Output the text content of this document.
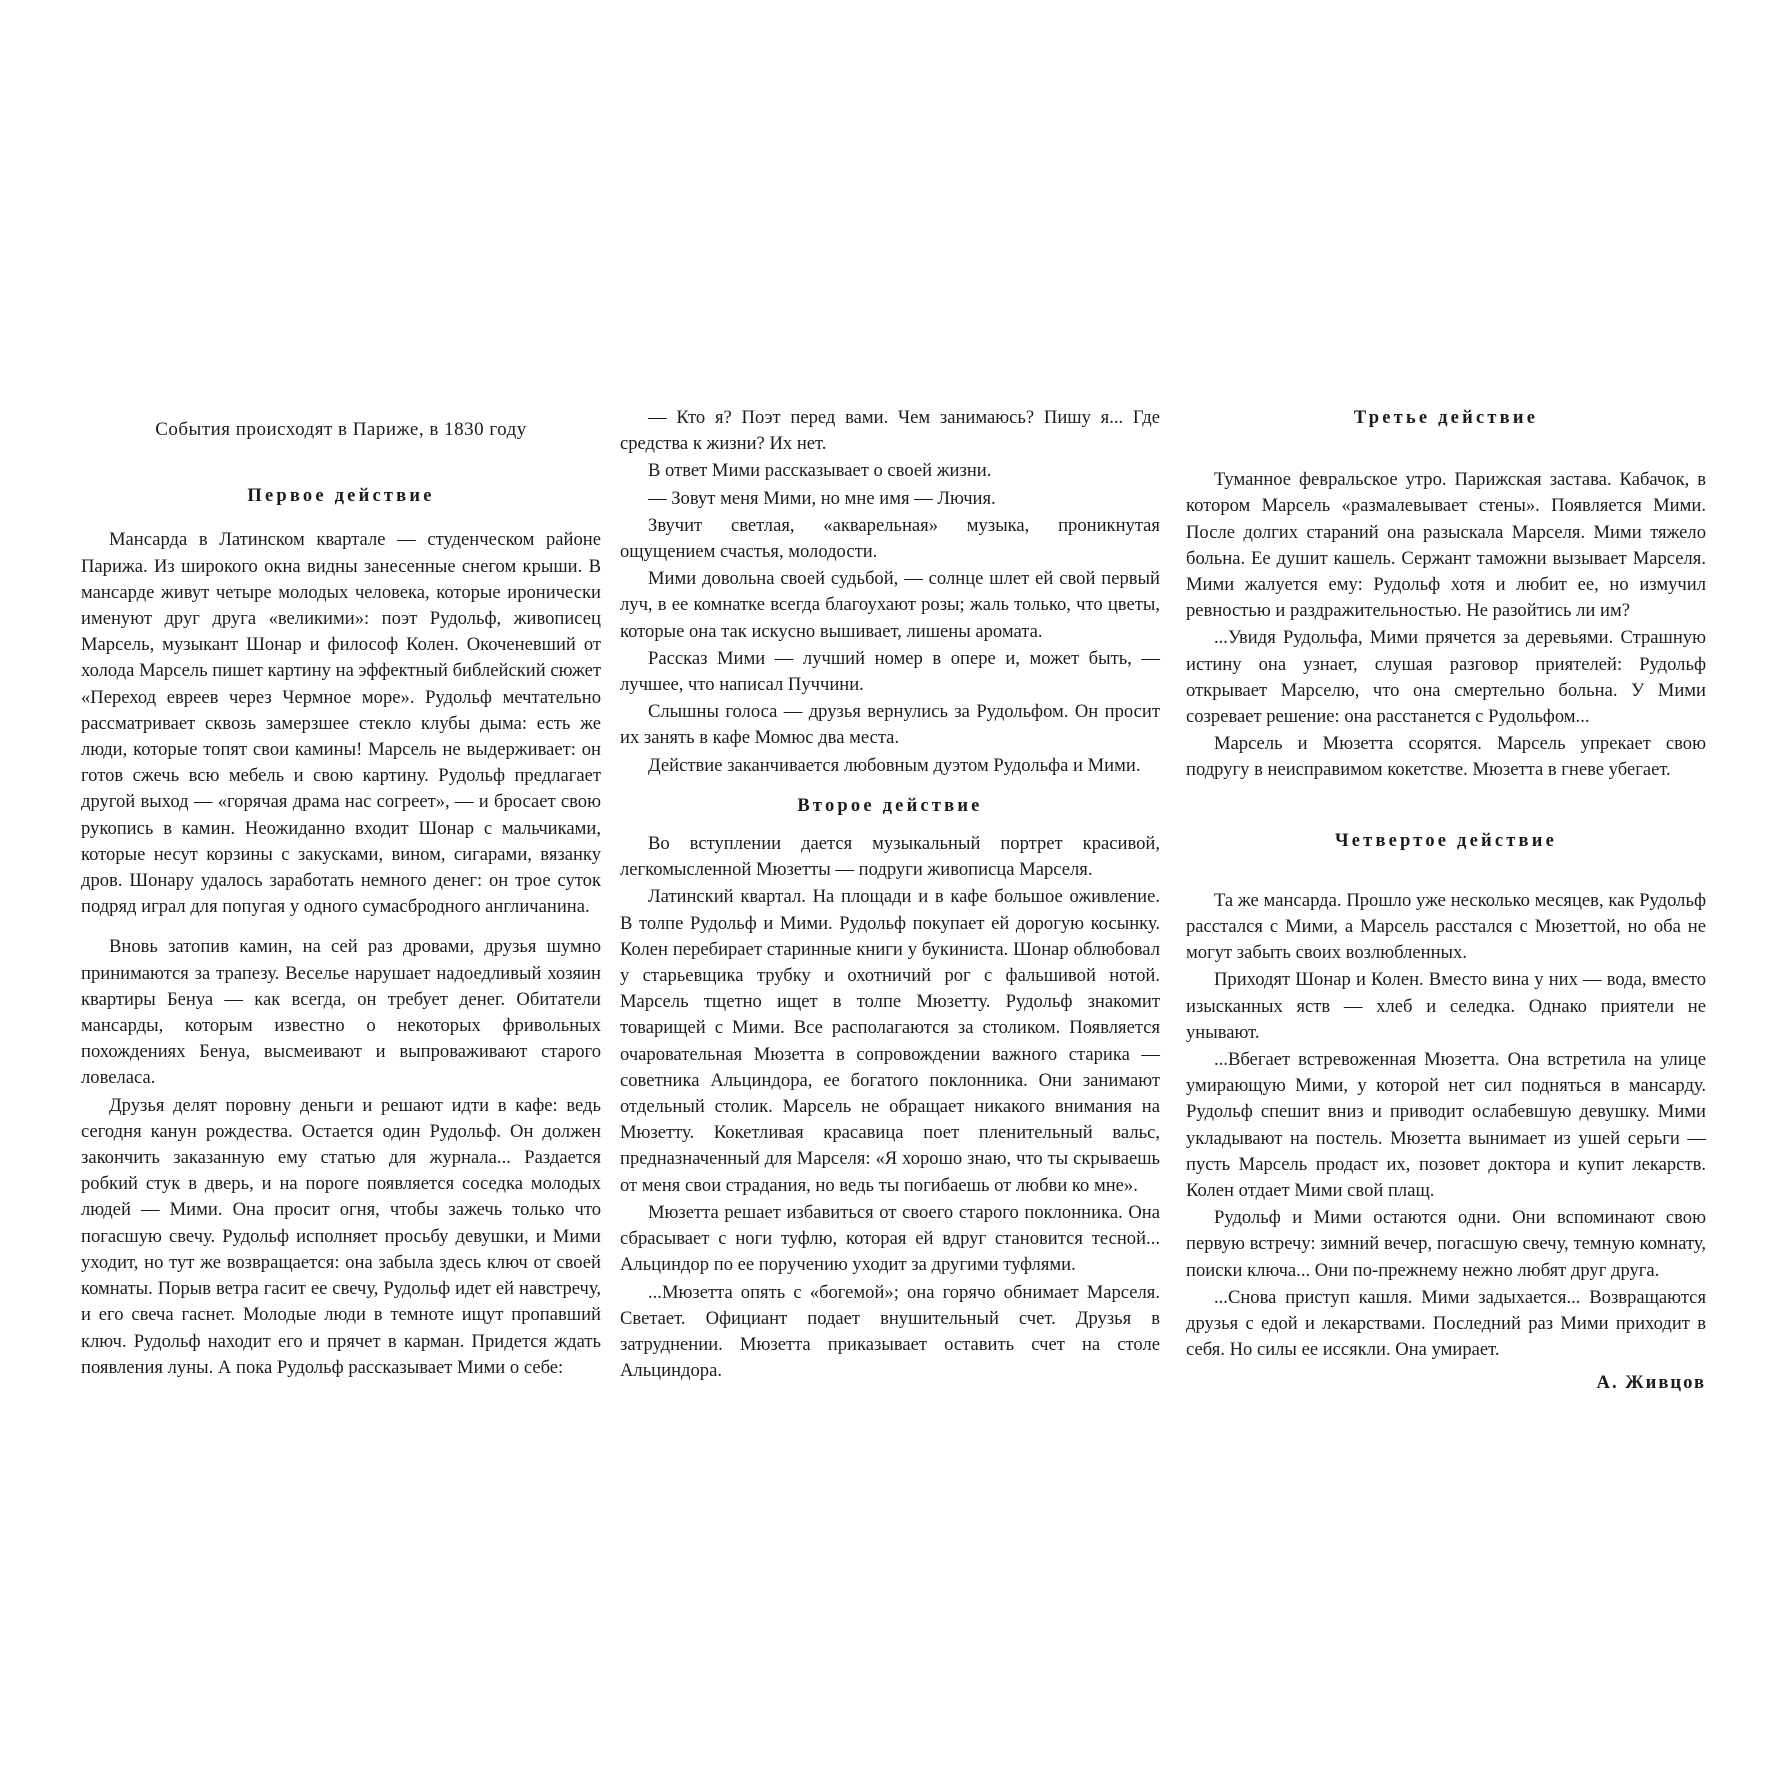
События происходят в Париже, в 1830 году
Первое действие

Мансарда в Латинском квартале — студенческом районе Парижа. Из широкого окна видны занесенные снегом крыши. В мансарде живут четыре молодых человека, которые иронически именуют друг друга «великими»: поэт Рудольф, живописец Марсель, музыкант Шонар и философ Колен. Окоченевший от холода Марсель пишет картину на эффектный библейский сюжет «Переход евреев через Чермное море». Рудольф мечтательно рассматривает сквозь замерзшее стекло клубы дыма: есть же люди, которые топят свои камины! Марсель не выдерживает: он готов сжечь всю мебель и свою картину. Рудольф предлагает другой выход — «горячая драма нас согреет», — и бросает свою рукопись в камин. Неожиданно входит Шонар с мальчиками, которые несут корзины с закусками, вином, сигарами, вязанку дров. Шонару удалось заработать немного денег: он трое суток подряд играл для попугая у одного сумасбродного англичанина.

Вновь затопив камин, на сей раз дровами, друзья шумно принимаются за трапезу. Веселье нарушает надоедливый хозяин квартиры Бенуа — как всегда, он требует денег. Обитатели мансарды, которым известно о некоторых фривольных похождениях Бенуа, высмеивают и выпроваживают старого ловеласа.

Друзья делят поровну деньги и решают идти в кафе: ведь сегодня канун рождества. Остается один Рудольф. Он должен закончить заказанную ему статью для журнала... Раздается робкий стук в дверь, и на пороге появляется соседка молодых людей — Мими. Она просит огня, чтобы зажечь только что погасшую свечу. Рудольф исполняет просьбу девушки, и Мими уходит, но тут же возвращается: она забыла здесь ключ от своей комнаты. Порыв ветра гасит ее свечу, Рудольф идет ей навстречу, и его свеча гаснет. Молодые люди в темноте ищут пропавший ключ. Рудольф находит его и прячет в карман. Придется ждать появления луны. А пока Рудольф рассказывает Мими о себе:

— Кто я? Поэт перед вами. Чем занимаюсь? Пишу я... Где средства к жизни? Их нет.

В ответ Мими рассказывает о своей жизни.

— Зовут меня Мими, но мне имя — Лючия.

Звучит светлая, «акварельная» музыка, проникнутая ощущением счастья, молодости.

Мими довольна своей судьбой, — солнце шлет ей свой первый луч, в ее комнатке всегда благоухают розы; жаль только, что цветы, которые она так искусно вышивает, лишены аромата.

Рассказ Мими — лучший номер в опере и, может быть, — лучшее, что написал Пуччини.

Слышны голоса — друзья вернулись за Рудольфом. Он просит их занять в кафе Момюс два места.

Действие заканчивается любовным дуэтом Рудольфа и Мими.

Второе действие

Во вступлении дается музыкальный портрет красивой, легкомысленной Мюзетты — подруги живописца Марселя.

Латинский квартал. На площади и в кафе большое оживление. В толпе Рудольф и Мими. Рудольф покупает ей дорогую косынку. Колен перебирает старинные книги у букиниста. Шонар облюбовал у старьевщика трубку и охотничий рог с фальшивой нотой. Марсель тщетно ищет в толпе Мюзетту. Рудольф знакомит товарищей с Мими. Все располагаются за столиком. Появляется очаровательная Мюзетта в сопровождении важного старика — советника Альциндора, ее богатого поклонника. Они занимают отдельный столик. Марсель не обращает никакого внимания на Мюзетту. Кокетливая красавица поет пленительный вальс, предназначенный для Марселя: «Я хорошо знаю, что ты скрываешь от меня свои страдания, но ведь ты погибаешь от любви ко мне».

Мюзетта решает избавиться от своего старого поклонника. Она сбрасывает с ноги туфлю, которая ей вдруг становится тесной... Альциндор по ее поручению уходит за другими туфлями.

...Мюзетта опять с «богемой»; она горячо обнимает Марселя. Светает. Официант подает внушительный счет. Друзья в затруднении. Мюзетта приказывает оставить счет на столе Альциндора.

Третье действие

Туманное февральское утро. Парижская застава. Кабачок, в котором Марсель «размалевывает стены». Появляется Мими. После долгих стараний она разыскала Марселя. Мими тяжело больна. Ее душит кашель. Сержант таможни вызывает Марселя. Мими жалуется ему: Рудольф хотя и любит ее, но измучил ревностью и раздражительностью. Не разойтись ли им?

...Увидя Рудольфа, Мими прячется за деревьями. Страшную истину она узнает, слушая разговор приятелей: Рудольф открывает Марселю, что она смертельно больна. У Мими созревает решение: она расстанется с Рудольфом...

Марсель и Мюзетта ссорятся. Марсель упрекает свою подругу в неисправимом кокетстве. Мюзетта в гневе убегает.

Четвертое действие

Та же мансарда. Прошло уже несколько месяцев, как Рудольф расстался с Мими, а Марсель расстался с Мюзеттой, но оба не могут забыть своих возлюбленных.

Приходят Шонар и Колен. Вместо вина у них — вода, вместо изысканных яств — хлеб и селедка. Однако приятели не унывают.

...Вбегает встревоженная Мюзетта. Она встретила на улице умирающую Мими, у которой нет сил подняться в мансарду. Рудольф спешит вниз и приводит ослабевшую девушку. Мими укладывают на постель. Мюзетта вынимает из ушей серьги — пусть Марсель продаст их, позовет доктора и купит лекарств. Колен отдает Мими свой плащ.

Рудольф и Мими остаются одни. Они вспоминают свою первую встречу: зимний вечер, погасшую свечу, темную комнату, поиски ключа... Они по-прежнему нежно любят друг друга.

...Снова приступ кашля. Мими задыхается... Возвращаются друзья с едой и лекарствами. Последний раз Мими приходит в себя. Но силы ее иссякли. Она умирает.

А. Живцов
